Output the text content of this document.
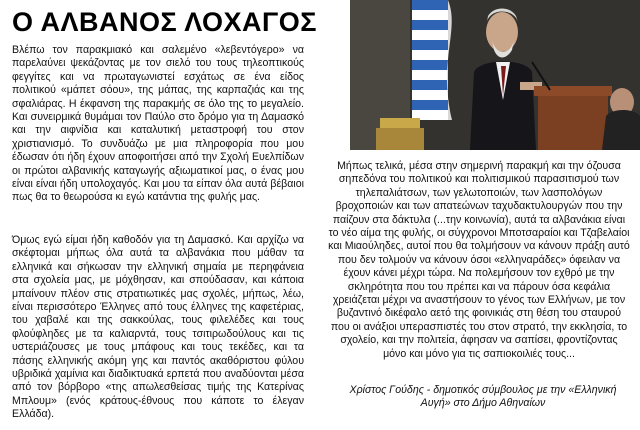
Ο ΑΛΒΑΝΟΣ ΛΟΧΑΓΟΣ

Βλέπω τον παρακμιακό και σαλεμένο «λεβεντόγερο» να παρελαύνει ψεκάζοντας με τον σιελό του τους τηλεοπτικούς φεγγίτες και να πρωταγωνιστεί εσχάτως σε ένα είδος πολιτικού «μάπετ σόου», της μάπας, της καρπαζιάς και της σφαλιάρας. Η έκφανση της παρακμής σε όλο της το μεγαλείο. Και συνειρμικά θυμάμαι τον Παύλο στο δρόμο για τη Δαμασκό και την αιφνίδια και καταλυτική μεταστροφή του στον χριστιανισμό. Το συνδυάζω με μια πληροφορία που μου έδωσαν ότι ήδη έχουν αποφοιτήσει από την Σχολή Ευελπίδων οι πρώτοι αλβανικής καταγωγής αξιωματικοί μας, ο ένας μου είναι είναι ήδη υπολοχαγός. Και μου τα είπαν όλα αυτά βέβαιοι πως θα το θεωρούσα κι εγώ κατάντια της φυλής μας.

Όμως εγώ είμαι ήδη καθοδόν για τη Δαμασκό. Και αρχίζω να σκέφτομαι μήπως όλα αυτά τα αλβανάκια που μάθαν τα ελληνικά και σήκωσαν την ελληνική σημαία με περηφάνεια στα σχολεία μας, με μόχθησαν, και σπούδασαν, και κάποια μπαίνουν πλέον στις στρατιωτικές μας σχολές, μήπως, λέω, είναι περισσότερο Έλληνες από τους έλληνες της καφετέριας, του χαβαλέ και της σακκούλας, τους φιλελέδες και τους φλούφληδες με τα καλιαρντά, τους τσιτιρωδούλους και τις υστεριάζουσες με τους μπάφους και τους τεκέδες, και τα πάσης ελληνικής ακόμη γης και παντός ακαθόριστου φύλου υβριδικά χαμίνια και διαδικτυακά ερπετά που αναδύονται μέσα από τον βόρβορο «της απωλεσθείσας τιμής της Κατερίνας Μπλουμ» (ενός κράτους-έθνους που κάποτε το έλεγαν Ελλάδα).

Μήπως τελικά, μέσα στην σημερινή παρακμή και την όζουσα σηπεδόνα του πολιτικού και πολιτισμικού παρασιτισμού των τηλεπαλιάτσων, των γελωτοποιών, των λασπολόγων βροχοποιών και των απατεώνων ταχυδακτυλουργών που την παίζουν στα δάκτυλα (...την κοινωνία), αυτά τα αλβανάκια είναι το νέο αίμα της φυλής, οι σύγχρονοι Μποτσαραίοι και Τζαβελαίοι και Μιαούληδες, αυτοί που θα τολμήσουν να κάνουν πράξη αυτό που δεν τολμούν να κάνουν όσοι «ελληναράδες» όφειλαν να έχουν κάνει μέχρι τώρα. Να πολεμήσουν τον εχθρό με την σκληρότητα που του πρέπει και να πάρουν όσα κεφάλια χρειάζεται μέχρι να αναστήσουν το γένος των Ελλήνων, με τον βυζαντινό δικέφαλο αετό της φοινικιάς στη θέση του σταυρού που οι ανάξιοι υπερασπιστές του στον στρατό, την εκκλησία, το σχολείο, και την πολιτεία, άφησαν να σαπίσει, φροντίζοντας μόνο και μόνο για τις σαπιοκοιλιές τους...

Χρίστος Γούδης - δημοτικός σύμβουλος με την «Ελληνική Αυγή» στο Δήμο Αθηναίων
